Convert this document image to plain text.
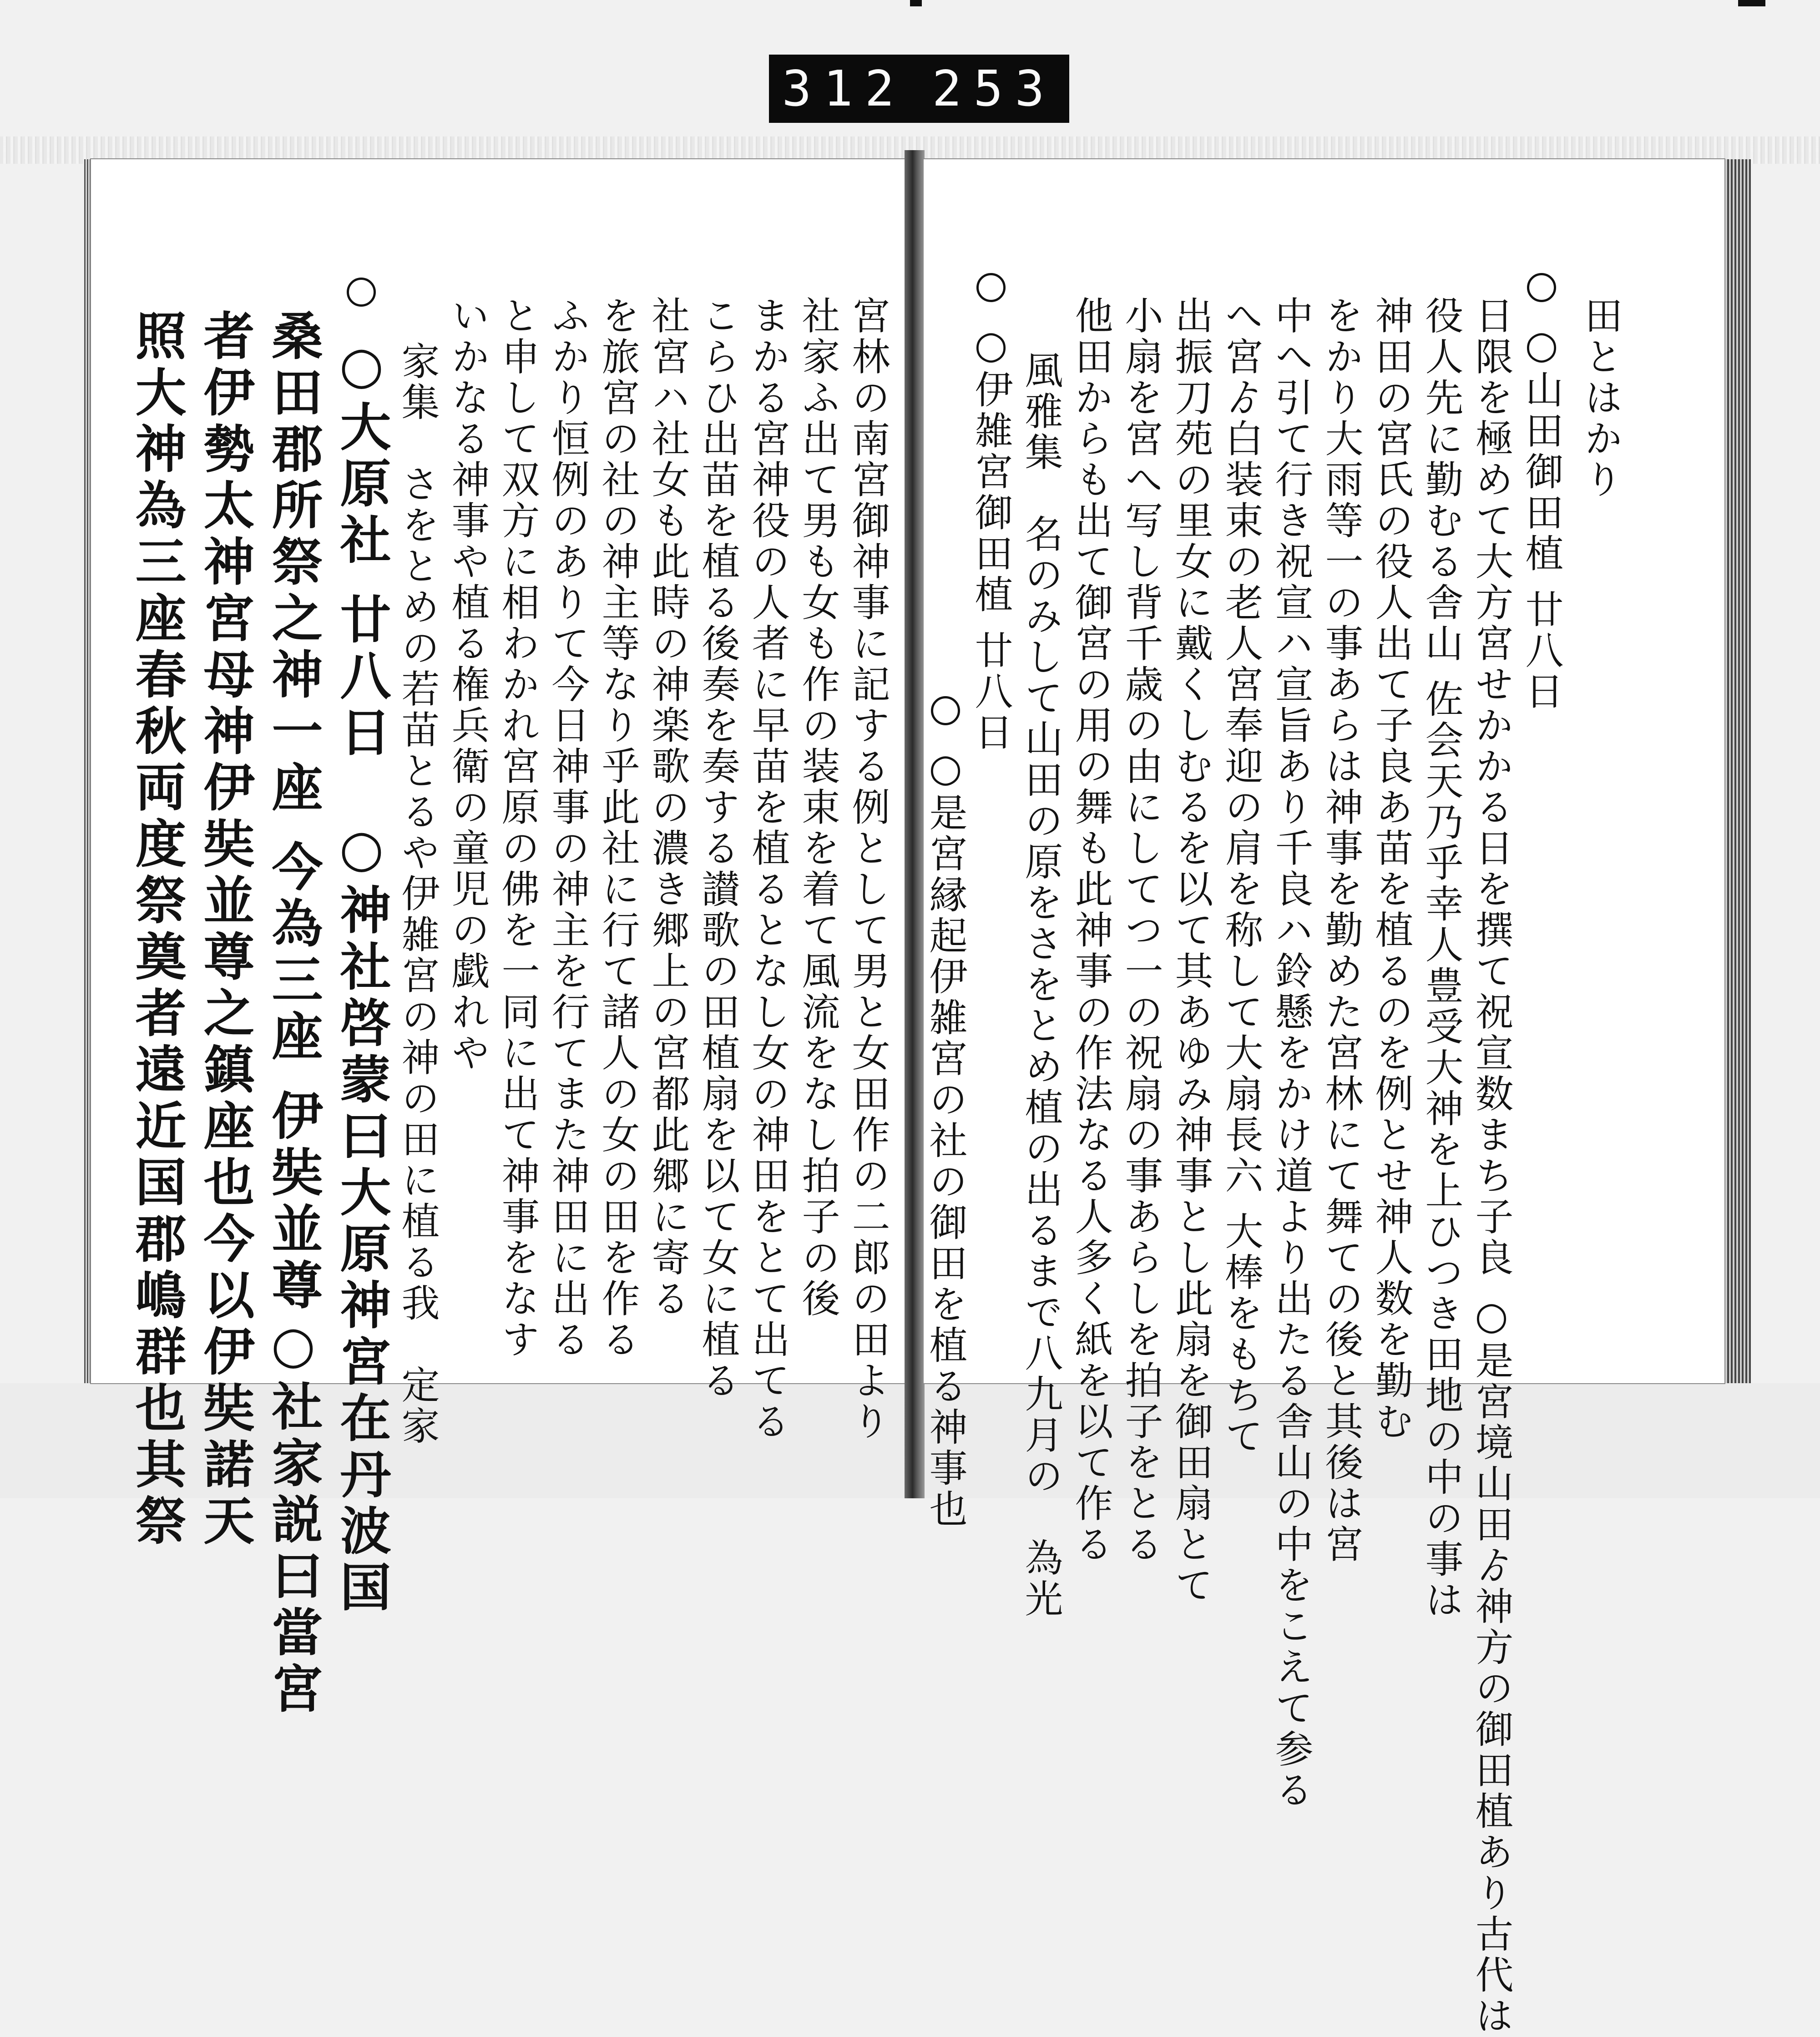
312 253
宮林の南宮御神事に記する例として男と女田作の二郎の田より
社家ふ出て男も女も作の装束を着て風流をなし拍子の後
まかる宮神役の人者に早苗を植るとなし女の神田をとて出てる
こらひ出苗を植る後奏を奏する讃歌の田植扇を以て女に植る
社宮ハ社女も此時の神楽歌の濃き郷上の宮都此郷に寄る
を旅宮の社の神主等なり乎此社に行て諸人の女の田を作る
ふかり恒例のありて今日神事の神主を行てまた神田に出る
と申して双方に相わかれ宮原の佛を一同に出て神事をなす
いかなる神事や植る権兵衛の童児の戯れや
家集　さをとめの若苗とるや伊雑宮の神の田に植る我　定家
○大原社 廿八日　○神社啓蒙曰大原神宮在丹波国
桑田郡所祭之神一座 今為三座 伊奘並尊○社家説曰當宮
者伊勢太神宮母神伊奘並尊之鎮座也今以伊奘諾天
照大神為三座春秋両度祭奠者遠近国郡嶋群也其祭	田とはかり
○山田御田植 廿八日
日限を極めて大方宮せかかる日を撰て祝宣数まち子良 ○是宮境山田ゟ神方の御田植あり古代は
役人先に勤むる舎山 佐会天乃乎幸人豊受大神を上ひつき田地の中の事は
神田の宮氏の役人出て子良あ苗を植るのを例とせ神人数を勤む
をかり大雨等一の事あらは神事を勤めた宮林にて舞ての後と其後は宮
中へ引て行き祝宣ハ宣旨あり千良ハ鈴懸をかけ道より出たる舎山の中をこえて参る
へ宮ゟ白装束の老人宮奉迎の肩を称して大扇長六 大棒をもちて
出振刀苑の里女に戴くしむるを以て其あゆみ神事とし此扇を御田扇とて
小扇を宮へ写し背千歳の由にしてつ一の祝扇の事あらしを拍子をとる
他田からも出て御宮の用の舞も此神事の作法なる人多く紙を以て作る
風雅集　名のみして山田の原をさをとめ植の出るまで八九月の　為光
○伊雑宮御田植 廿八日
○是宮縁起伊雑宮の社の御田を植る神事也
